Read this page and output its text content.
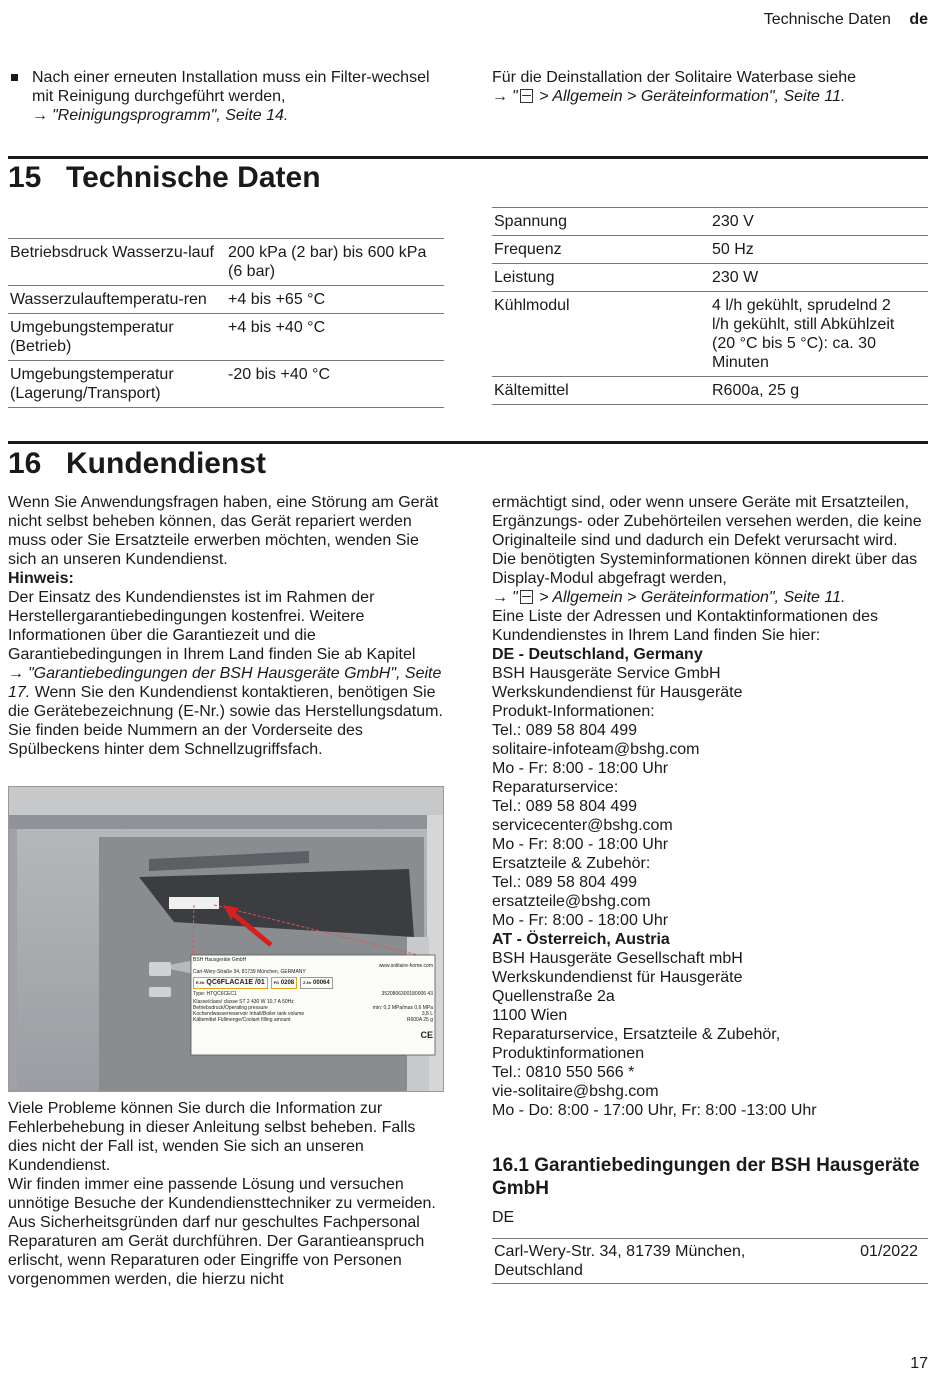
Technische Daten de
Nach einer erneuten Installation muss ein Filter-wechsel mit Reinigung durchgeführt werden,
→ "Reinigungsprogramm", Seite 14.
Für die Deinstallation der Solitaire Waterbase siehe
→ " > Allgemein > Geräteinformation", Seite 11.
15 Technische Daten
Betriebsdruck Wasserzu-lauf	200 kPa (2 bar) bis 600 kPa (6 bar)
Wasserzulauftemperatu-ren	+4 bis +65 °C
Umgebungstemperatur (Betrieb)	+4 bis +40 °C
Umgebungstemperatur (Lagerung/Transport)	-20 bis +40 °C
Spannung	230 V
Frequenz	50 Hz
Leistung	230 W
Kühlmodul	4 l/h gekühlt, sprudelnd 2 l/h gekühlt, still Abkühlzeit (20 °C bis 5 °C): ca. 30 Minuten
Kältemittel	R600a, 25 g
16 Kundendienst

Wenn Sie Anwendungsfragen haben, eine Störung am Gerät nicht selbst beheben können, das Gerät repariert werden muss oder Sie Ersatzteile erwerben möchten, wenden Sie sich an unseren Kundendienst.

Hinweis:

Der Einsatz des Kundendienstes ist im Rahmen der Herstellergarantiebedingungen kostenfrei. Weitere Informationen über die Garantiezeit und die Garantiebedingungen in Ihrem Land finden Sie ab Kapitel
→ "Garantiebedingungen der BSH Hausgeräte GmbH", Seite 17. Wenn Sie den Kundendienst kontaktieren, benötigen Sie die Gerätebezeichnung (E-Nr.) sowie das Herstellungsdatum. Sie finden beide Nummern an der Vorderseite des Spülbeckens hinter dem Schnellzugriffsfach.

BSH Hausgeräte GmbH
www.solitaire-home.com
Carl-Wery-Straße 34, 81739 München, GERMANY
E-Nr QC6FLACA1E /01	FD 0208	Z-Nr 00064
Type: HTQC6CEC1	3520806300180006 43
Klasse/class/ classe ST 2 430 W 10,7 A 50Hz
Betriebsdruck/Operating pressure	min: 0,2 MPa/max 0,6 MPa
Kochendwasserreservoir Inhalt/Boiler tank volume	3,8 L
Kältemittel Füllmenge/Coolant filling amount	R600A 25 g
CE

Viele Probleme können Sie durch die Information zur Fehlerbehebung in dieser Anleitung selbst beheben. Falls dies nicht der Fall ist, wenden Sie sich an unseren Kundendienst.

Wir finden immer eine passende Lösung und versuchen unnötige Besuche der Kundendiensttechniker zu vermeiden.

Aus Sicherheitsgründen darf nur geschultes Fachpersonal Reparaturen am Gerät durchführen. Der Garantieanspruch erlischt, wenn Reparaturen oder Eingriffe von Personen vorgenommen werden, die hierzu nicht

ermächtigt sind, oder wenn unsere Geräte mit Ersatzteilen, Ergänzungs- oder Zubehörteilen versehen werden, die keine Originalteile sind und dadurch ein Defekt verursacht wird.

Die benötigten Systeminformationen können direkt über das Display-Modul abgefragt werden,
→ " > Allgemein > Geräteinformation", Seite 11.

Eine Liste der Adressen und Kontaktinformationen des Kundendienstes in Ihrem Land finden Sie hier:

DE - Deutschland, Germany

BSH Hausgeräte Service GmbH
Werkskundendienst für Hausgeräte
Produkt-Informationen:
Tel.: 089 58 804 499
solitaire-infoteam@bshg.com
Mo - Fr: 8:00 - 18:00 Uhr
Reparaturservice:
Tel.: 089 58 804 499
servicecenter@bshg.com
Mo - Fr: 8:00 - 18:00 Uhr
Ersatzteile & Zubehör:
Tel.: 089 58 804 499
ersatzteile@bshg.com
Mo - Fr: 8:00 - 18:00 Uhr

AT - Österreich, Austria

BSH Hausgeräte Gesellschaft mbH
Werkskundendienst für Hausgeräte
Quellenstraße 2a
1100 Wien
Reparaturservice, Ersatzteile & Zubehör, Produktinformationen
Tel.: 0810 550 566 *
vie-solitaire@bshg.com
Mo - Do: 8:00 - 17:00 Uhr, Fr: 8:00 -13:00 Uhr
16.1 Garantiebedingungen der BSH Hausgeräte GmbH
DE
Carl-Wery-Str. 34, 81739 München, Deutschland	01/2022
17
